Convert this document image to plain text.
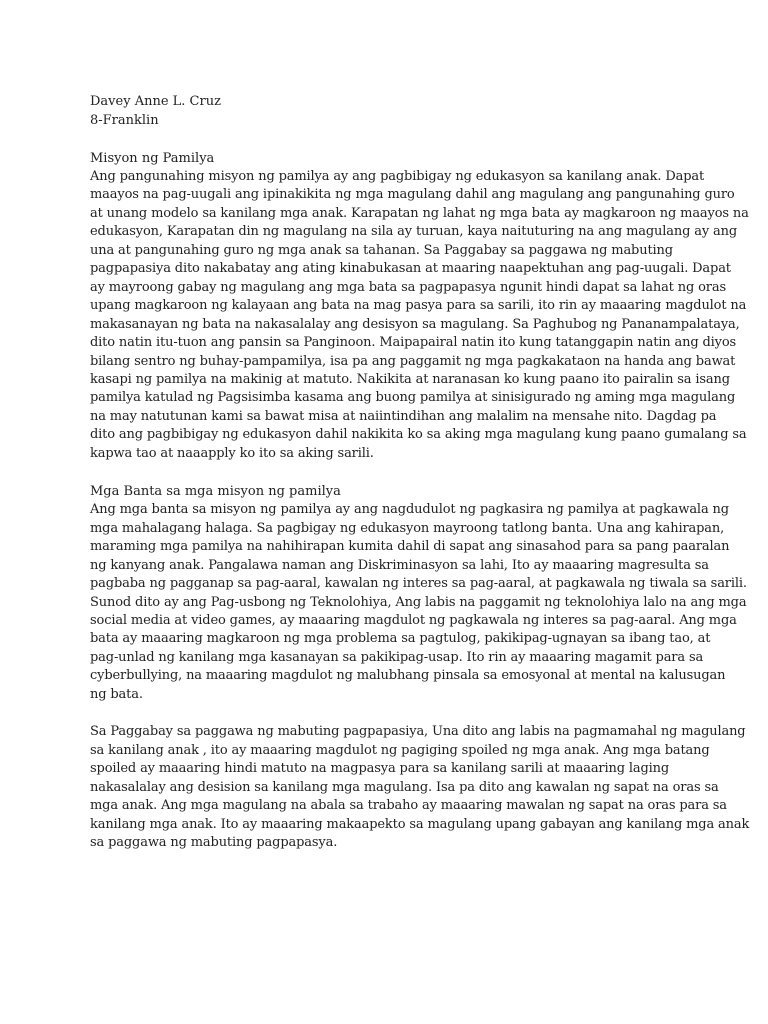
Davey Anne L. Cruz
8-Franklin
Misyon ng Pamilya
Ang pangunahing misyon ng pamilya ay ang pagbibigay ng edukasyon sa kanilang anak. Dapat
maayos na pag-uugali ang ipinakikita ng mga magulang dahil ang magulang ang pangunahing guro
at unang modelo sa kanilang mga anak. Karapatan ng lahat ng mga bata ay magkaroon ng maayos na
edukasyon, Karapatan din ng magulang na sila ay turuan, kaya naituturing na ang magulang ay ang
una at pangunahing guro ng mga anak sa tahanan. Sa Paggabay sa paggawa ng mabuting
pagpapasiya dito nakabatay ang ating kinabukasan at maaring naapektuhan ang pag-uugali. Dapat
ay mayroong gabay ng magulang ang mga bata sa pagpapasya ngunit hindi dapat sa lahat ng oras
upang magkaroon ng kalayaan ang bata na mag pasya para sa sarili, ito rin ay maaaring magdulot na
makasanayan ng bata na nakasalalay ang desisyon sa magulang. Sa Paghubog ng Pananampalataya,
dito natin itu-tuon ang pansin sa Panginoon. Maipapairal natin ito kung tatanggapin natin ang diyos
bilang sentro ng buhay-pampamilya, isa pa ang paggamit ng mga pagkakataon na handa ang bawat
kasapi ng pamilya na makinig at matuto. Nakikita at naranasan ko kung paano ito pairalin sa isang
pamilya katulad ng Pagsisimba kasama ang buong pamilya at sinisigurado ng aming mga magulang
na may natutunan kami sa bawat misa at naiintindihan ang malalim na mensahe nito. Dagdag pa
dito ang pagbibigay ng edukasyon dahil nakikita ko sa aking mga magulang kung paano gumalang sa
kapwa tao at naaapply ko ito sa aking sarili.
Mga Banta sa mga misyon ng pamilya
Ang mga banta sa misyon ng pamilya ay ang nagdudulot ng pagkasira ng pamilya at pagkawala ng
mga mahalagang halaga. Sa pagbigay ng edukasyon mayroong tatlong banta. Una ang kahirapan,
maraming mga pamilya na nahihirapan kumita dahil di sapat ang sinasahod para sa pang paaralan
ng kanyang anak. Pangalawa naman ang Diskriminasyon sa lahi, Ito ay maaaring magresulta sa
pagbaba ng pagganap sa pag-aaral, kawalan ng interes sa pag-aaral, at pagkawala ng tiwala sa sarili.
Sunod dito ay ang Pag-usbong ng Teknolohiya, Ang labis na paggamit ng teknolohiya lalo na ang mga
social media at video games, ay maaaring magdulot ng pagkawala ng interes sa pag-aaral. Ang mga
bata ay maaaring magkaroon ng mga problema sa pagtulog, pakikipag-ugnayan sa ibang tao, at
pag-unlad ng kanilang mga kasanayan sa pakikipag-usap. Ito rin ay maaaring magamit para sa
cyberbullying, na maaaring magdulot ng malubhang pinsala sa emosyonal at mental na kalusugan
ng bata.
Sa Paggabay sa paggawa ng mabuting pagpapasiya, Una dito ang labis na pagmamahal ng magulang
sa kanilang anak , ito ay maaaring magdulot ng pagiging spoiled ng mga anak. Ang mga batang
spoiled ay maaaring hindi matuto na magpasya para sa kanilang sarili at maaaring laging
nakasalalay ang desision sa kanilang mga magulang. Isa pa dito ang kawalan ng sapat na oras sa
mga anak. Ang mga magulang na abala sa trabaho ay maaaring mawalan ng sapat na oras para sa
kanilang mga anak. Ito ay maaaring makaapekto sa magulang upang gabayan ang kanilang mga anak
sa paggawa ng mabuting pagpapasya.
